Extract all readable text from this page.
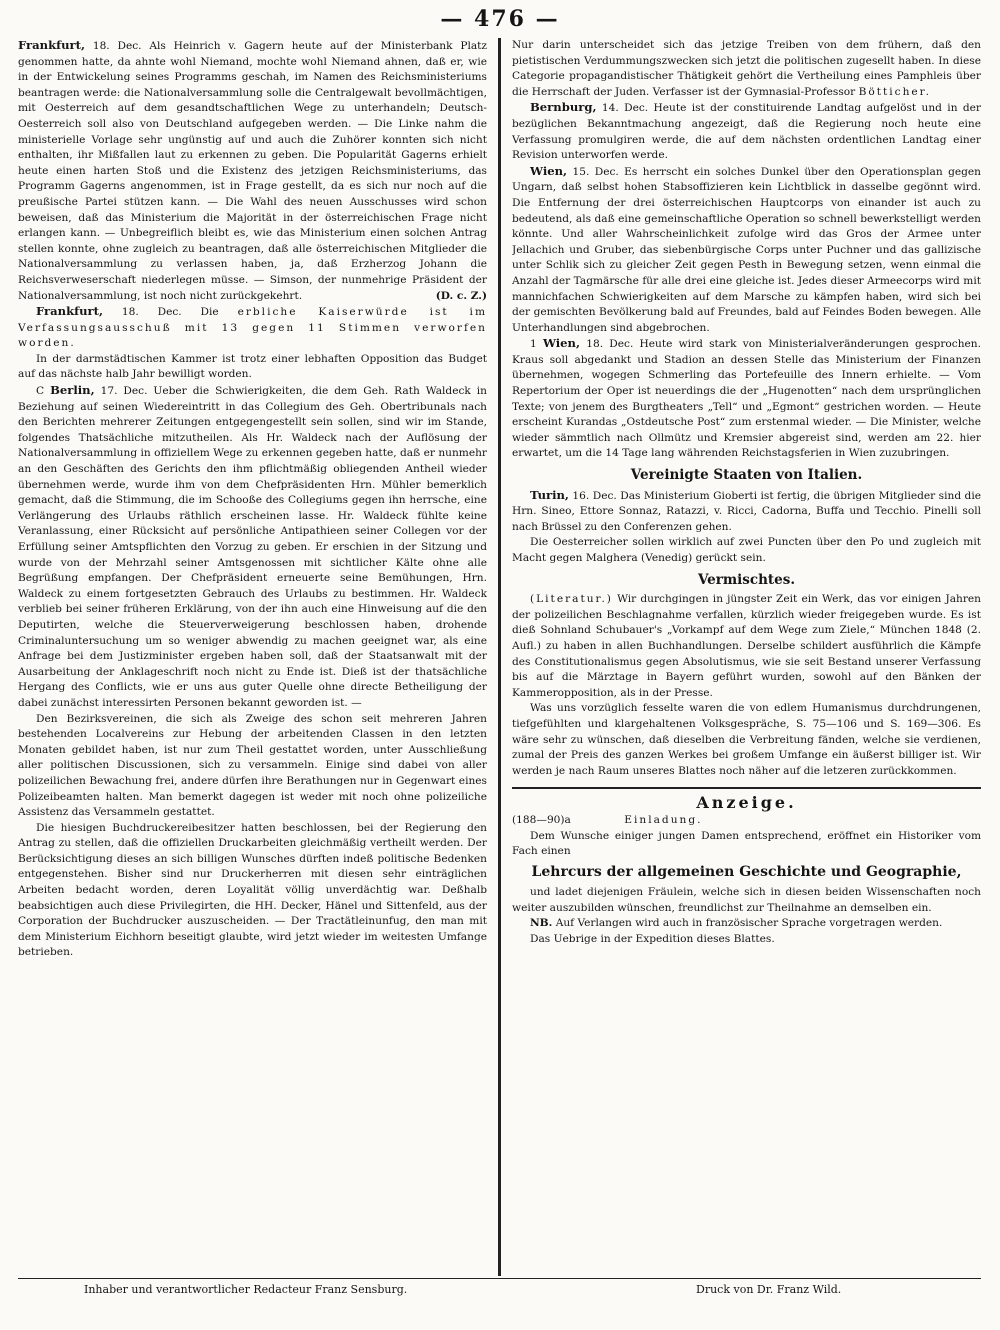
— 476 —

Frankfurt, 18. Dec. Als Heinrich v. Gagern heute auf der Ministerbank Platz genommen hatte, da ahnte wohl Niemand, mochte wohl Niemand ahnen, daß er, wie in der Entwickelung seines Programms geschah, im Namen des Reichsministeriums beantragen werde: die Nationalversammlung solle die Centralgewalt bevollmächtigen, mit Oesterreich auf dem gesandtschaftlichen Wege zu unterhandeln; Deutsch-Oesterreich soll also von Deutschland aufgegeben werden. — Die Linke nahm die ministerielle Vorlage sehr ungünstig auf und auch die Zuhörer konnten sich nicht enthalten, ihr Mißfallen laut zu erkennen zu geben. Die Popularität Gagerns erhielt heute einen harten Stoß und die Existenz des jetzigen Reichsministeriums, das Programm Gagerns angenommen, ist in Frage gestellt, da es sich nur noch auf die preußische Partei stützen kann. — Die Wahl des neuen Ausschusses wird schon beweisen, daß das Ministerium die Majorität in der österreichischen Frage nicht erlangen kann. — Unbegreiflich bleibt es, wie das Ministerium einen solchen Antrag stellen konnte, ohne zugleich zu beantragen, daß alle österreichischen Mitglieder die Nationalversammlung zu verlassen haben, ja, daß Erzherzog Johann die Reichsverweserschaft niederlegen müsse. — Simson, der nunmehrige Präsident der Nationalversammlung, ist noch nicht zurückgekehrt.	(D. c. Z.)

Frankfurt, 18. Dec. Die erbliche Kaiserwürde ist im Verfassungsausschuß mit 13 gegen 11 Stimmen verworfen worden.

In der darmstädtischen Kammer ist trotz einer lebhaften Opposition das Budget auf das nächste halb Jahr bewilligt worden.

C Berlin, 17. Dec. Ueber die Schwierigkeiten, die dem Geh. Rath Waldeck in Beziehung auf seinen Wiedereintritt in das Collegium des Geh. Obertribunals nach den Berichten mehrerer Zeitungen entgegengestellt sein sollen, sind wir im Stande, folgendes Thatsächliche mitzutheilen. Als Hr. Waldeck nach der Auflösung der Nationalversammlung in offiziellem Wege zu erkennen gegeben hatte, daß er nunmehr an den Geschäften des Gerichts den ihm pflichtmäßig obliegenden Antheil wieder übernehmen werde, wurde ihm von dem Chefpräsidenten Hrn. Mühler bemerklich gemacht, daß die Stimmung, die im Schooße des Collegiums gegen ihn herrsche, eine Verlängerung des Urlaubs räthlich erscheinen lasse. Hr. Waldeck fühlte keine Veranlassung, einer Rücksicht auf persönliche Antipathieen seiner Collegen vor der Erfüllung seiner Amtspflichten den Vorzug zu geben. Er erschien in der Sitzung und wurde von der Mehrzahl seiner Amtsgenossen mit sichtlicher Kälte ohne alle Begrüßung empfangen. Der Chefpräsident erneuerte seine Bemühungen, Hrn. Waldeck zu einem fortgesetzten Gebrauch des Urlaubs zu bestimmen. Hr. Waldeck verblieb bei seiner früheren Erklärung, von der ihn auch eine Hinweisung auf die den Deputirten, welche die Steuerverweigerung beschlossen haben, drohende Criminaluntersuchung um so weniger abwendig zu machen geeignet war, als eine Anfrage bei dem Justizminister ergeben haben soll, daß der Staatsanwalt mit der Ausarbeitung der Anklageschrift noch nicht zu Ende ist. Dieß ist der thatsächliche Hergang des Conflicts, wie er uns aus guter Quelle ohne directe Betheiligung der dabei zunächst interessirten Personen bekannt geworden ist. —

Den Bezirksvereinen, die sich als Zweige des schon seit mehreren Jahren bestehenden Localvereins zur Hebung der arbeitenden Classen in den letzten Monaten gebildet haben, ist nur zum Theil gestattet worden, unter Ausschließung aller politischen Discussionen, sich zu versammeln. Einige sind dabei von aller polizeilichen Bewachung frei, andere dürfen ihre Berathungen nur in Gegenwart eines Polizeibeamten halten. Man bemerkt dagegen ist weder mit noch ohne polizeiliche Assistenz das Versammeln gestattet.

Die hiesigen Buchdruckereibesitzer hatten beschlossen, bei der Regierung den Antrag zu stellen, daß die offiziellen Druckarbeiten gleichmäßig vertheilt werden. Der Berücksichtigung dieses an sich billigen Wunsches dürften indeß politische Bedenken entgegenstehen. Bisher sind nur Druckerherren mit diesen sehr einträglichen Arbeiten bedacht worden, deren Loyalität völlig unverdächtig war. Deßhalb beabsichtigen auch diese Privilegirten, die HH. Decker, Hänel und Sittenfeld, aus der Corporation der Buchdrucker auszuscheiden. — Der Tractätleinunfug, den man mit dem Ministerium Eichhorn beseitigt glaubte, wird jetzt wieder im weitesten Umfange betrieben.

Nur darin unterscheidet sich das jetzige Treiben von dem frühern, daß den pietistischen Verdummungszwecken sich jetzt die politischen zugesellt haben. In diese Categorie propagandistischer Thätigkeit gehört die Vertheilung eines Pamphleis über die Herrschaft der Juden. Verfasser ist der Gymnasial-Professor Bötticher.

Bernburg, 14. Dec. Heute ist der constituirende Landtag aufgelöst und in der bezüglichen Bekanntmachung angezeigt, daß die Regierung noch heute eine Verfassung promulgiren werde, die auf dem nächsten ordentlichen Landtag einer Revision unterworfen werde.

Wien, 15. Dec. Es herrscht ein solches Dunkel über den Operationsplan gegen Ungarn, daß selbst hohen Stabsoffizieren kein Lichtblick in dasselbe gegönnt wird. Die Entfernung der drei österreichischen Hauptcorps von einander ist auch zu bedeutend, als daß eine gemeinschaftliche Operation so schnell bewerkstelligt werden könnte. Und aller Wahrscheinlichkeit zufolge wird das Gros der Armee unter Jellachich und Gruber, das siebenbürgische Corps unter Puchner und das gallizische unter Schlik sich zu gleicher Zeit gegen Pesth in Bewegung setzen, wenn einmal die Anzahl der Tagmärsche für alle drei eine gleiche ist. Jedes dieser Armeecorps wird mit mannichfachen Schwierigkeiten auf dem Marsche zu kämpfen haben, wird sich bei der gemischten Bevölkerung bald auf Freundes, bald auf Feindes Boden bewegen. Alle Unterhandlungen sind abgebrochen.

1 Wien, 18. Dec. Heute wird stark von Ministerialveränderungen gesprochen. Kraus soll abgedankt und Stadion an dessen Stelle das Ministerium der Finanzen übernehmen, wogegen Schmerling das Portefeuille des Innern erhielte. — Vom Repertorium der Oper ist neuerdings die der „Hugenotten“ nach dem ursprünglichen Texte; von jenem des Burgtheaters „Tell“ und „Egmont“ gestrichen worden. — Heute erscheint Kurandas „Ostdeutsche Post“ zum erstenmal wieder. — Die Minister, welche wieder sämmtlich nach Ollmütz und Kremsier abgereist sind, werden am 22. hier erwartet, um die 14 Tage lang währenden Reichstagsferien in Wien zuzubringen.

Vereinigte Staaten von Italien.

Turin, 16. Dec. Das Ministerium Gioberti ist fertig, die übrigen Mitglieder sind die Hrn. Sineo, Ettore Sonnaz, Ratazzi, v. Ricci, Cadorna, Buffa und Tecchio. Pinelli soll nach Brüssel zu den Conferenzen gehen.

Die Oesterreicher sollen wirklich auf zwei Puncten über den Po und zugleich mit Macht gegen Malghera (Venedig) gerückt sein.

Vermischtes.

(Literatur.) Wir durchgingen in jüngster Zeit ein Werk, das vor einigen Jahren der polizeilichen Beschlagnahme verfallen, kürzlich wieder freigegeben wurde. Es ist dieß Sohnland Schubauer's „Vorkampf auf dem Wege zum Ziele,“ München 1848 (2. Aufl.) zu haben in allen Buchhandlungen. Derselbe schildert ausführlich die Kämpfe des Constitutionalismus gegen Absolutismus, wie sie seit Bestand unserer Verfassung bis auf die Märztage in Bayern geführt wurden, sowohl auf den Bänken der Kammeropposition, als in der Presse.

Was uns vorzüglich fesselte waren die von edlem Humanismus durchdrungenen, tiefgefühlten und klargehaltenen Volksgespräche, S. 75—106 und S. 169—306. Es wäre sehr zu wünschen, daß dieselben die Verbreitung fänden, welche sie verdienen, zumal der Preis des ganzen Werkes bei großem Umfange ein äußerst billiger ist. Wir werden je nach Raum unseres Blattes noch näher auf die letzeren zurückkommen.

Anzeige.

(188—90)a	Einladung.

Dem Wunsche einiger jungen Damen entsprechend, eröffnet ein Historiker vom Fach einen

Lehrcurs der allgemeinen Geschichte und Geographie,

und ladet diejenigen Fräulein, welche sich in diesen beiden Wissenschaften noch weiter auszubilden wünschen, freundlichst zur Theilnahme an demselben ein.

NB. Auf Verlangen wird auch in französischer Sprache vorgetragen werden.

Das Uebrige in der Expedition dieses Blattes.

Inhaber und verantwortlicher Redacteur Franz Sensburg.	Druck von Dr. Franz Wild.
